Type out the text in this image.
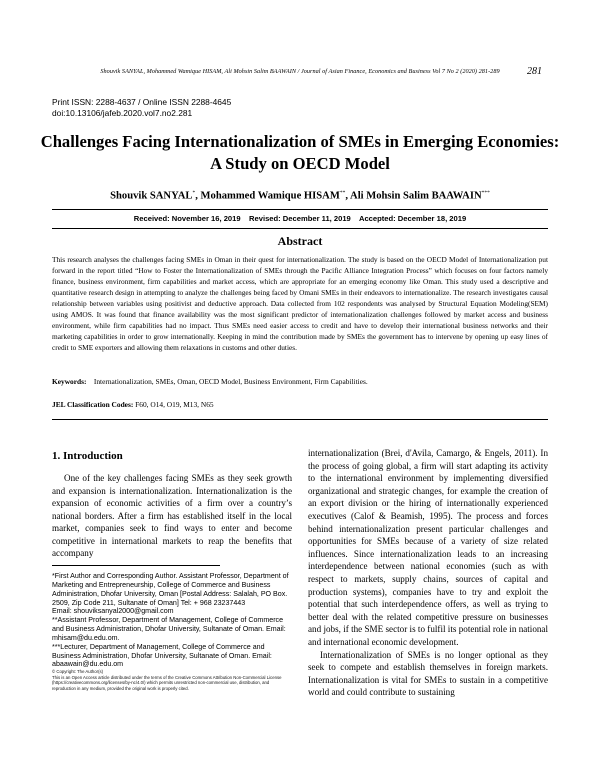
Shouvik SANYAL, Mohammed Wamique HISAM, Ali Mohsin Salim BAAWAIN / Journal of Asian Finance, Economics and Business Vol 7 No 2 (2020) 281-289	281
Print ISSN: 2288-4637 / Online ISSN 2288-4645
doi:10.13106/jafeb.2020.vol7.no2.281
Challenges Facing Internationalization of SMEs in Emerging Economies:
A Study on OECD Model
Shouvik SANYAL*, Mohammed Wamique HISAM**, Ali Mohsin Salim BAAWAIN***
Received: November 16, 2019 Revised: December 11, 2019 Accepted: December 18, 2019
Abstract
This research analyses the challenges facing SMEs in Oman in their quest for internationalization. The study is based on the OECD Model of Internationalization put forward in the report titled “How to Foster the Internationalization of SMEs through the Pacific Alliance Integration Process” which focuses on four factors namely finance, business environment, firm capabilities and market access, which are appropriate for an emerging economy like Oman. This study used a descriptive and quantitative research design in attempting to analyze the challenges being faced by Omani SMEs in their endeavors to internationalize. The research investigates causal relationship between variables using positivist and deductive approach. Data collected from 102 respondents was analysed by Structural Equation Modeling(SEM) using AMOS. It was found that finance availability was the most significant predictor of internationalization challenges followed by market access and business environment, while firm capabilities had no impact. Thus SMEs need easier access to credit and have to develop their international business networks and their marketing capabilities in order to grow internationally. Keeping in mind the contribution made by SMEs the government has to intervene by opening up easy lines of credit to SME exporters and allowing them relaxations in customs and other duties.
Keywords: Internationalization, SMEs, Oman, OECD Model, Business Environment, Firm Capabilities.
JEL Classification Codes: F60, O14, O19, M13, N65
1. Introduction

One of the key challenges facing SMEs as they seek growth and expansion is internationalization. Internationalization is the expansion of economic activities of a firm over a country’s national borders. After a firm has established itself in the local market, companies seek to find ways to enter and become competitive in international markets to reap the benefits that accompany

*First Author and Corresponding Author. Assistant Professor, Department of Marketing and Entrepreneurship, College of Commerce and Business Administration, Dhofar University, Oman [Postal Address: Salalah, PO Box. 2509, Zip Code 211, Sultanate of Oman] Tel: + 968 23237443

Email: shouviksanyal2000@gmail.com

**Assistant Professor, Department of Management, College of Commerce and Business Administration, Dhofar University, Sultanate of Oman. Email: mhisam@du.edu.om.

***Lecturer, Department of Management, College of Commerce and Business Administration, Dhofar University, Sultanate of Oman. Email: abaawain@du.edu.om

© Copyright: The Author(s)

This is an Open Access article distributed under the terms of the Creative Commons Attribution Non-Commercial License (https://creativecommons.org/licenses/by-nc/4.0/) which permits unrestricted non-commercial use, distribution, and reproduction in any medium, provided the original work is properly cited.

internationalization (Brei, d'Avila, Camargo, & Engels, 2011). In the process of going global, a firm will start adapting its activity to the international environment by implementing diversified organizational and strategic changes, for example the creation of an export division or the hiring of internationally experienced executives (Calof & Beamish, 1995). The process and forces behind internationalization present particular challenges and opportunities for SMEs because of a variety of size related influences. Since internationalization leads to an increasing interdependence between national economies (such as with respect to markets, supply chains, sources of capital and production systems), companies have to try and exploit the potential that such interdependence offers, as well as trying to better deal with the related competitive pressure on businesses and jobs, if the SME sector is to fulfil its potential role in national and international economic development.

Internationalization of SMEs is no longer optional as they seek to compete and establish themselves in foreign markets. Internationalization is vital for SMEs to sustain in a competitive world and could contribute to sustaining
